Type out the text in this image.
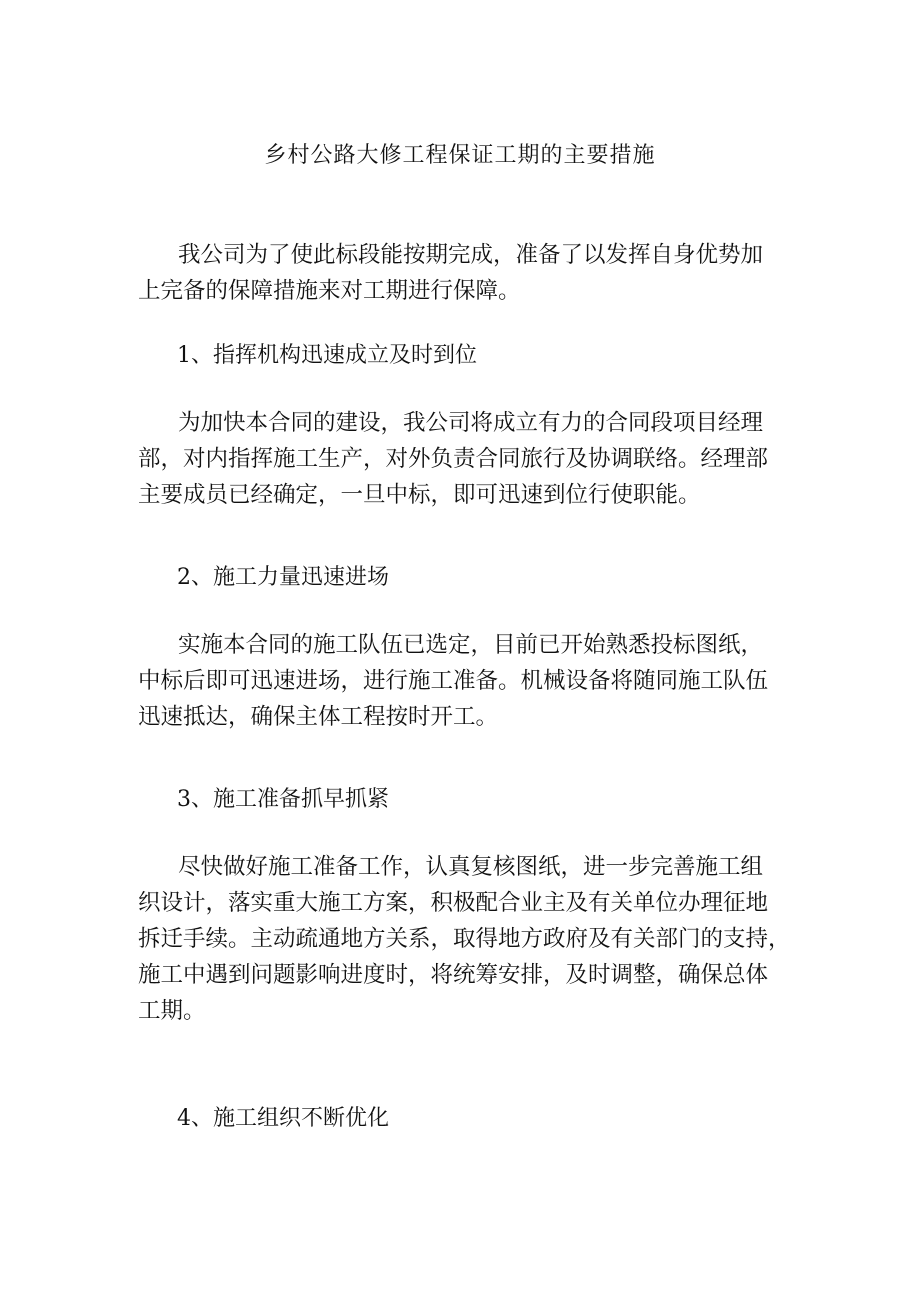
乡村公路大修工程保证工期的主要措施

我公司为了使此标段能按期完成，准备了以发挥自身优势加
上完备的保障措施来对工期进行保障。

1、指挥机构迅速成立及时到位

为加快本合同的建设，我公司将成立有力的合同段项目经理
部，对内指挥施工生产，对外负责合同旅行及协调联络。经理部
主要成员已经确定，一旦中标，即可迅速到位行使职能。

2、施工力量迅速进场

实施本合同的施工队伍已选定，目前已开始熟悉投标图纸，
中标后即可迅速进场，进行施工准备。机械设备将随同施工队伍
迅速抵达，确保主体工程按时开工。

3、施工准备抓早抓紧

尽快做好施工准备工作，认真复核图纸，进一步完善施工组
织设计，落实重大施工方案，积极配合业主及有关单位办理征地
拆迁手续。主动疏通地方关系，取得地方政府及有关部门的支持，
施工中遇到问题影响进度时，将统筹安排，及时调整，确保总体
工期。

4、施工组织不断优化
